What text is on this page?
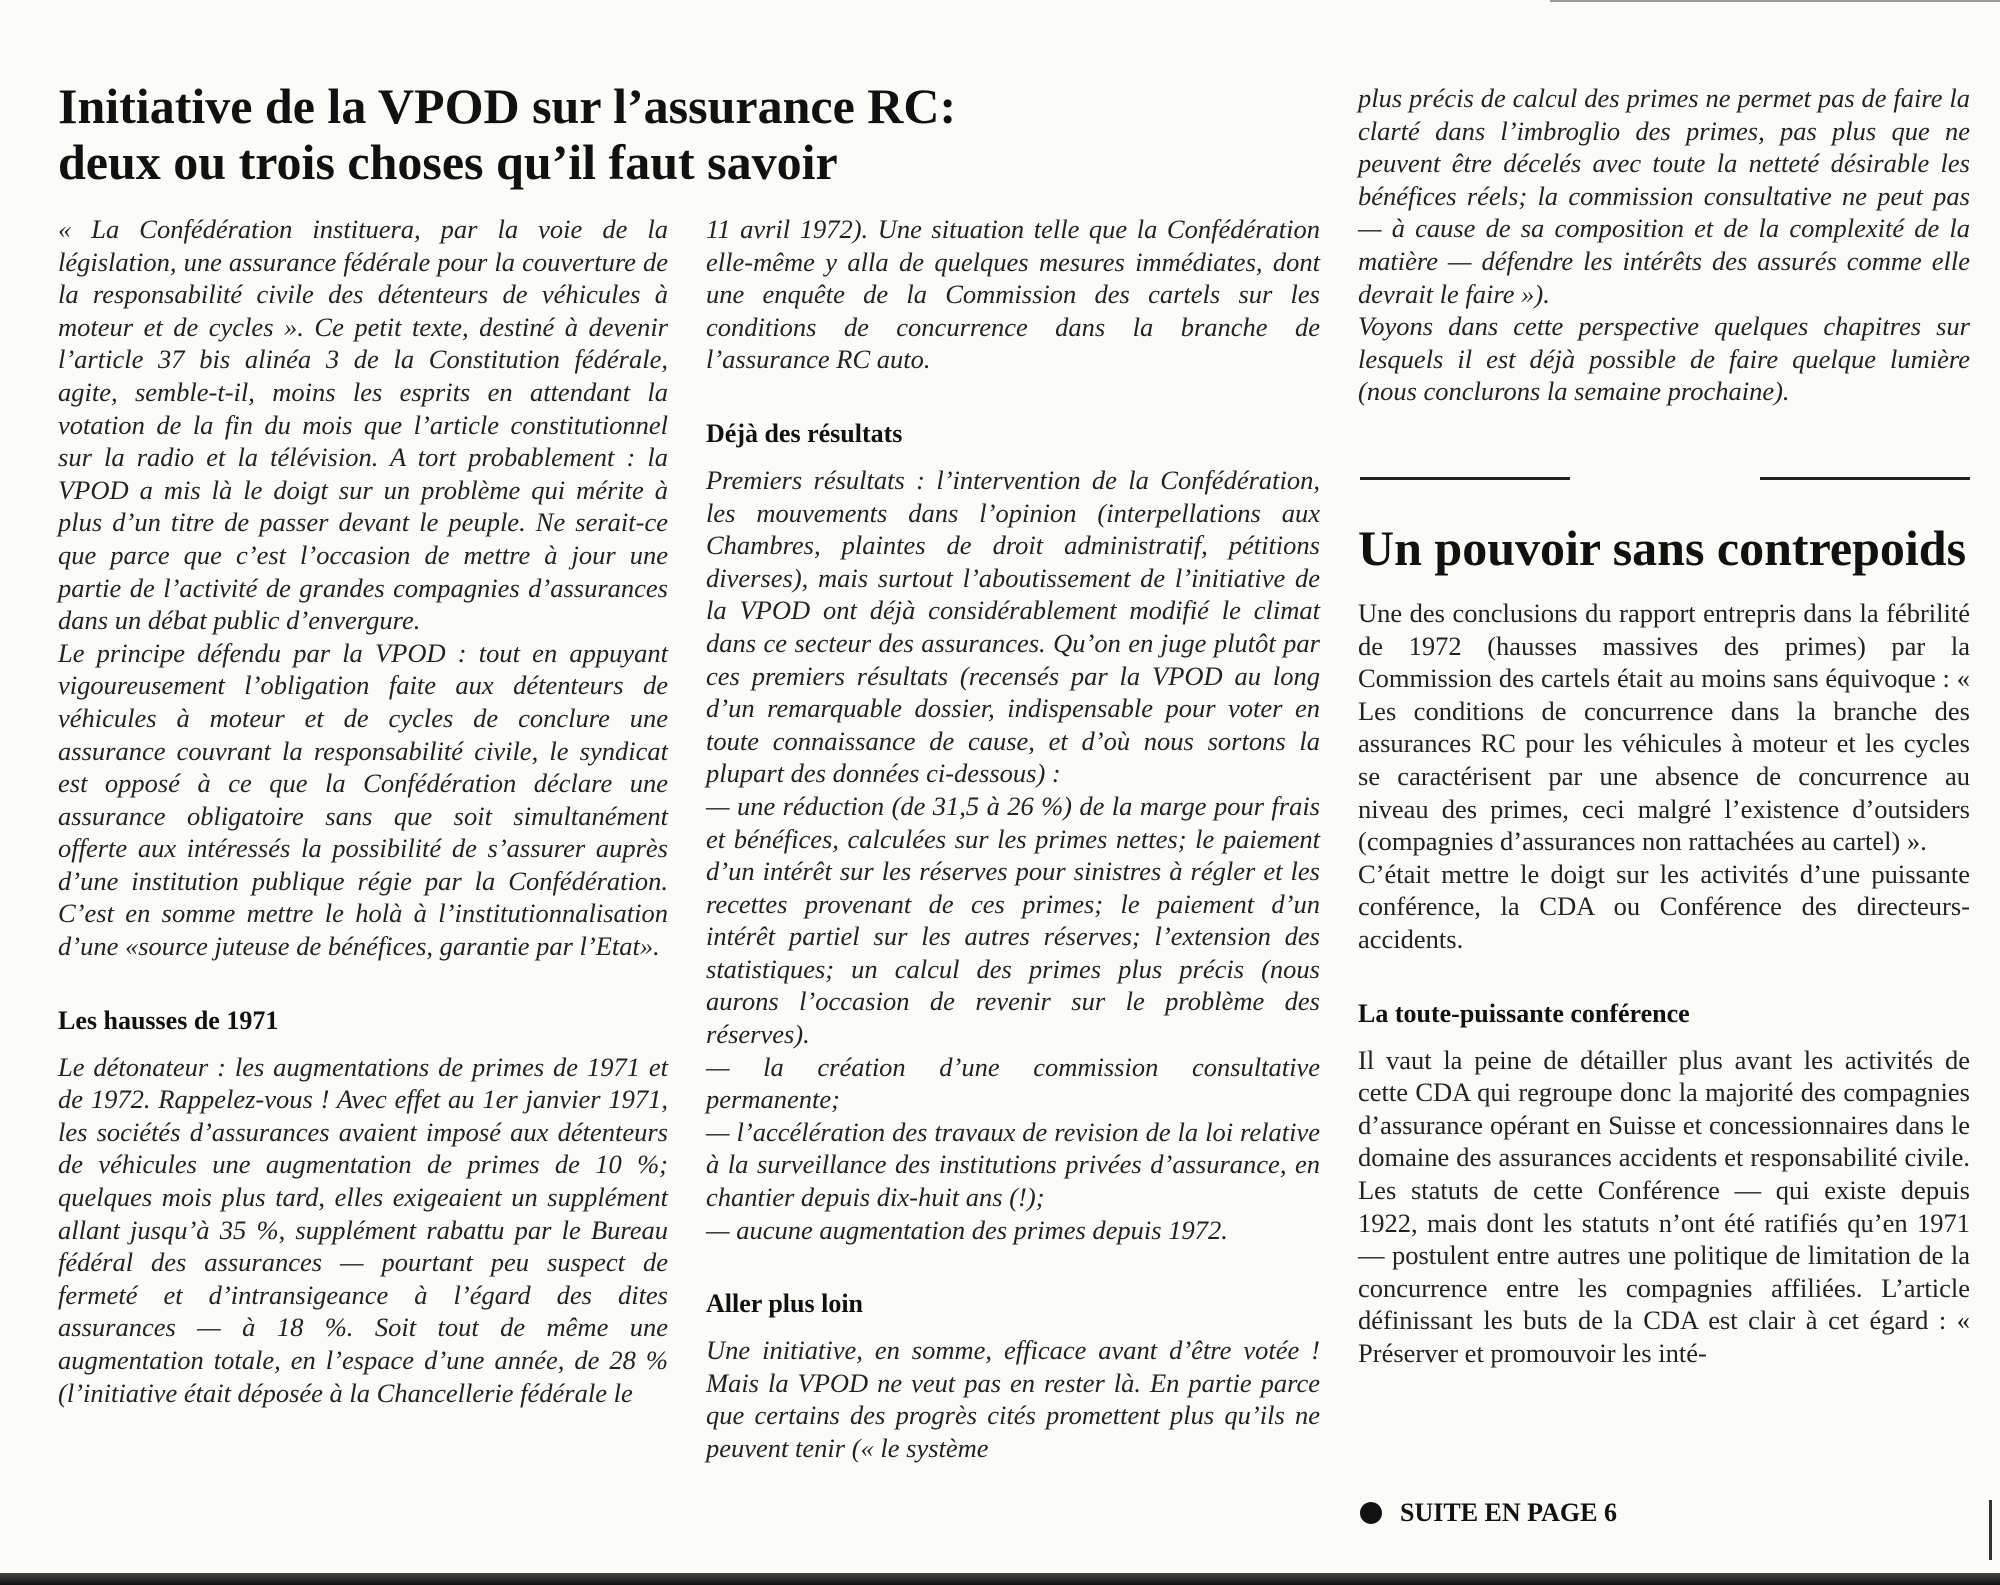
Initiative de la VPOD sur l’assurance RC:
deux ou trois choses qu’il faut savoir

« La Confédération instituera, par la voie de la législation, une assurance fédérale pour la couverture de la responsabilité civile des détenteurs de véhicules à moteur et de cycles ». Ce petit texte, destiné à devenir l’article 37 bis alinéa 3 de la Constitution fédérale, agite, semble-t-il, moins les esprits en attendant la votation de la fin du mois que l’article constitutionnel sur la radio et la télévision. A tort probablement : la VPOD a mis là le doigt sur un problème qui mérite à plus d’un titre de passer devant le peuple. Ne serait-ce que parce que c’est l’occasion de mettre à jour une partie de l’activité de grandes compagnies d’assurances dans un débat public d’envergure.

Le principe défendu par la VPOD : tout en appuyant vigoureusement l’obligation faite aux détenteurs de véhicules à moteur et de cycles de conclure une assurance couvrant la responsabilité civile, le syndicat est opposé à ce que la Confédération déclare une assurance obligatoire sans que soit simultanément offerte aux intéressés la possibilité de s’assurer auprès d’une institution publique régie par la Confédération. C’est en somme mettre le holà à l’institutionnalisation d’une «source juteuse de bénéfices, garantie par l’Etat».

Les hausses de 1971

Le détonateur : les augmentations de primes de 1971 et de 1972. Rappelez-vous ! Avec effet au 1er janvier 1971, les sociétés d’assurances avaient imposé aux détenteurs de véhicules une augmentation de primes de 10 %; quelques mois plus tard, elles exigeaient un supplément allant jusqu’à 35 %, supplément rabattu par le Bureau fédéral des assurances — pourtant peu suspect de fermeté et d’intransigeance à l’égard des dites assurances — à 18 %. Soit tout de même une augmentation totale, en l’espace d’une année, de 28 % (l’initiative était déposée à la Chancellerie fédérale le

11 avril 1972). Une situation telle que la Confédération elle-même y alla de quelques mesures immédiates, dont une enquête de la Commission des cartels sur les conditions de concurrence dans la branche de l’assurance RC auto.

Déjà des résultats

Premiers résultats : l’intervention de la Confédération, les mouvements dans l’opinion (interpellations aux Chambres, plaintes de droit administratif, pétitions diverses), mais surtout l’aboutissement de l’initiative de la VPOD ont déjà considérablement modifié le climat dans ce secteur des assurances. Qu’on en juge plutôt par ces premiers résultats (recensés par la VPOD au long d’un remarquable dossier, indispensable pour voter en toute connaissance de cause, et d’où nous sortons la plupart des données ci-dessous) :

— une réduction (de 31,5 à 26 %) de la marge pour frais et bénéfices, calculées sur les primes nettes; le paiement d’un intérêt sur les réserves pour sinistres à régler et les recettes provenant de ces primes; le paiement d’un intérêt partiel sur les autres réserves; l’extension des statistiques; un calcul des primes plus précis (nous aurons l’occasion de revenir sur le problème des réserves).

— la création d’une commission consultative permanente;

— l’accélération des travaux de revision de la loi relative à la surveillance des institutions privées d’assurance, en chantier depuis dix-huit ans (!);

— aucune augmentation des primes depuis 1972.

Aller plus loin

Une initiative, en somme, efficace avant d’être votée ! Mais la VPOD ne veut pas en rester là. En partie parce que certains des progrès cités promettent plus qu’ils ne peuvent tenir (« le système

plus précis de calcul des primes ne permet pas de faire la clarté dans l’imbroglio des primes, pas plus que ne peuvent être décelés avec toute la netteté désirable les bénéfices réels; la commission consultative ne peut pas — à cause de sa composition et de la complexité de la matière — défendre les intérêts des assurés comme elle devrait le faire »).

Voyons dans cette perspective quelques chapitres sur lesquels il est déjà possible de faire quelque lumière (nous conclurons la semaine prochaine).

Un pouvoir sans contrepoids

Une des conclusions du rapport entrepris dans la fébrilité de 1972 (hausses massives des primes) par la Commission des cartels était au moins sans équivoque : « Les conditions de concurrence dans la branche des assurances RC pour les véhicules à moteur et les cycles se caractérisent par une absence de concurrence au niveau des primes, ceci malgré l’existence d’outsiders (compagnies d’assurances non rattachées au cartel) ».

C’était mettre le doigt sur les activités d’une puissante conférence, la CDA ou Conférence des directeurs-accidents.

La toute-puissante conférence

Il vaut la peine de détailler plus avant les activités de cette CDA qui regroupe donc la majorité des compagnies d’assurance opérant en Suisse et concessionnaires dans le domaine des assurances accidents et responsabilité civile. Les statuts de cette Conférence — qui existe depuis 1922, mais dont les statuts n’ont été ratifiés qu’en 1971 — postulent entre autres une politique de limitation de la concurrence entre les compagnies affiliées. L’article définissant les buts de la CDA est clair à cet égard : « Préserver et promouvoir les inté-

SUITE EN PAGE 6
